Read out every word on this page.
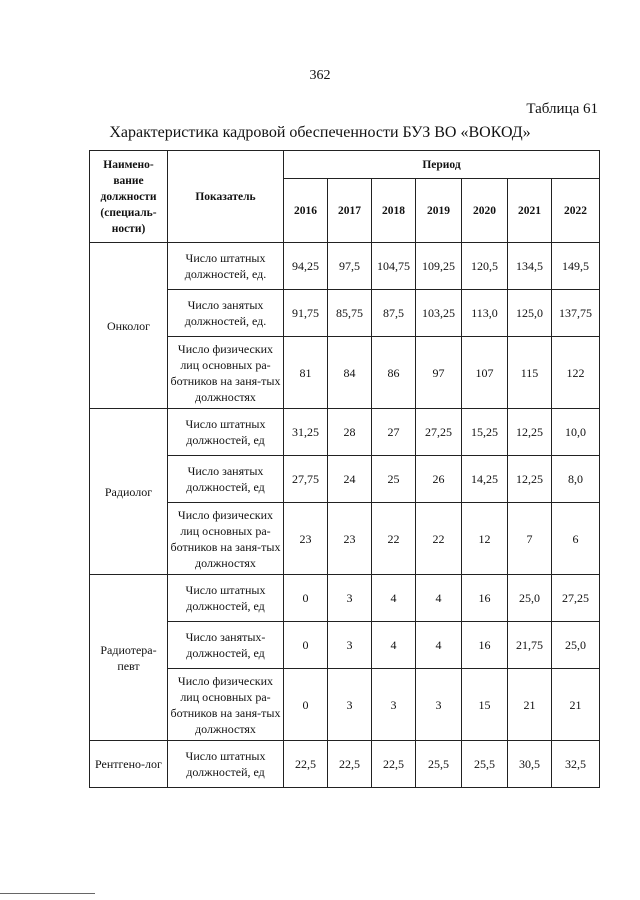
362
Таблица 61
Характеристика кадровой обеспеченности БУЗ ВО «ВОКОД»
Наимено-вание должности (специаль-ности)	Показатель	Период						
		2016	2017	2018	2019	2020	2021	2022
Онколог	Число штатных должностей, ед.	94,25	97,5	104,75	109,25	120,5	134,5	149,5
	Число занятых должностей, ед.	91,75	85,75	87,5	103,25	113,0	125,0	137,75
	Число физических лиц основных ра-ботников на заня-тых должностях	81	84	86	97	107	115	122
Радиолог	Число штатных должностей, ед	31,25	28	27	27,25	15,25	12,25	10,0
	Число занятых должностей, ед	27,75	24	25	26	14,25	12,25	8,0
	Число физических лиц основных ра-ботников на заня-тых должностях	23	23	22	22	12	7	6
Радиотера-певт	Число штатных должностей, ед	0	3	4	4	16	25,0	27,25
	Число занятых-должностей, ед	0	3	4	4	16	21,75	25,0
	Число физических лиц основных ра-ботников на заня-тых должностях	0	3	3	3	15	21	21
Рентгено-лог	Число штатных должностей, ед	22,5	22,5	22,5	25,5	25,5	30,5	32,5
